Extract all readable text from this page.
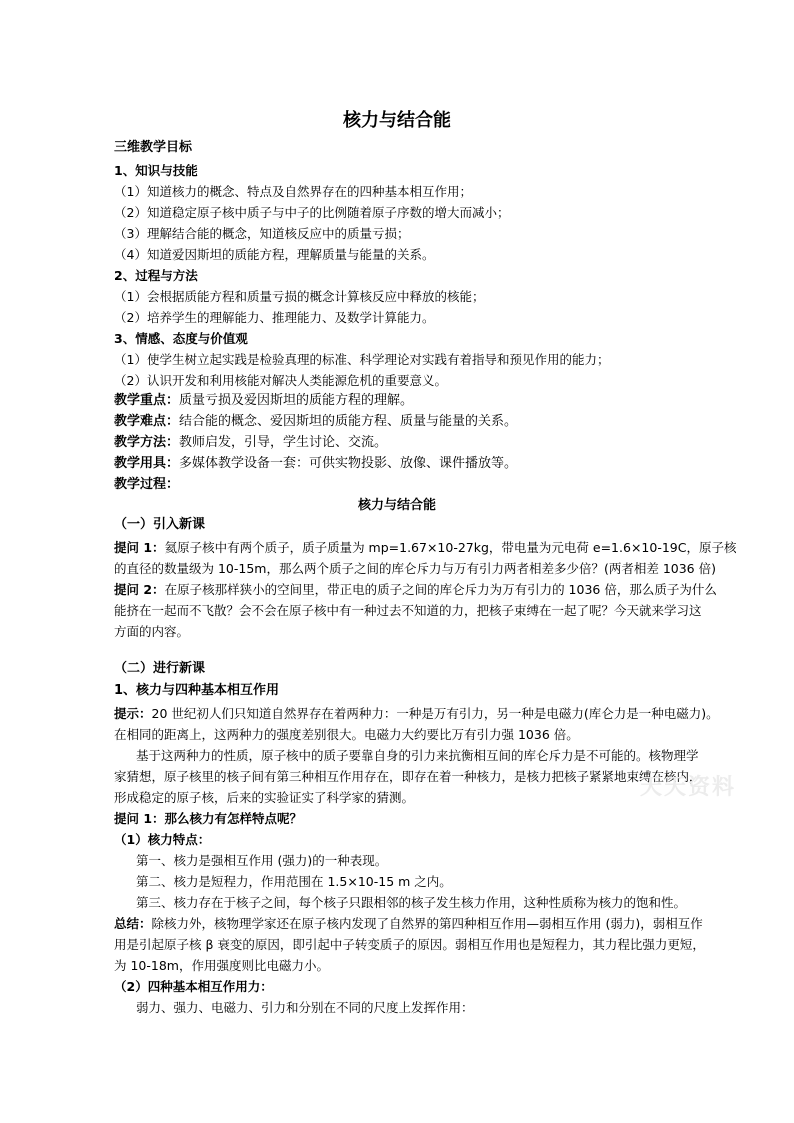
核力与结合能
三维教学目标
1、知识与技能
（1）知道核力的概念、特点及自然界存在的四种基本相互作用；
（2）知道稳定原子核中质子与中子的比例随着原子序数的增大而减小；
（3）理解结合能的概念，知道核反应中的质量亏损；
（4）知道爱因斯坦的质能方程，理解质量与能量的关系。
2、过程与方法
（1）会根据质能方程和质量亏损的概念计算核反应中释放的核能；
（2）培养学生的理解能力、推理能力、及数学计算能力。
3、情感、态度与价值观
（1）使学生树立起实践是检验真理的标准、科学理论对实践有着指导和预见作用的能力；
（2）认识开发和利用核能对解决人类能源危机的重要意义。
教学重点：质量亏损及爱因斯坦的质能方程的理解。
教学难点：结合能的概念、爱因斯坦的质能方程、质量与能量的关系。
教学方法：教师启发，引导，学生讨论、交流。
教学用具：多媒体教学设备一套：可供实物投影、放像、课件播放等。
教学过程：
核力与结合能
（一）引入新课
提问 1：氦原子核中有两个质子，质子质量为 mp=1.67×10-27kg，带电量为元电荷 e=1.6×10-19C，原子核
的直径的数量级为 10-15m，那么两个质子之间的库仑斥力与万有引力两者相差多少倍？(两者相差 1036 倍)
提问 2：在原子核那样狭小的空间里，带正电的质子之间的库仑斥力为万有引力的 1036 倍，那么质子为什么
能挤在一起而不飞散？会不会在原子核中有一种过去不知道的力，把核子束缚在一起了呢？今天就来学习这
方面的内容。
（二）进行新课
1、核力与四种基本相互作用
提示：20 世纪初人们只知道自然界存在着两种力：一种是万有引力，另一种是电磁力(库仑力是一种电磁力)。
在相同的距离上，这两种力的强度差别很大。电磁力大约要比万有引力强 1036 倍。
基于这两种力的性质，原子核中的质子要靠自身的引力来抗衡相互间的库仑斥力是不可能的。核物理学
家猜想，原子核里的核子间有第三种相互作用存在，即存在着一种核力，是核力把核子紧紧地束缚在核内，
形成稳定的原子核，后来的实验证实了科学家的猜测。
提问 1：那么核力有怎样特点呢？
（1）核力特点：
第一、核力是强相互作用 (强力)的一种表现。
第二、核力是短程力，作用范围在 1.5×10-15 m 之内。
第三、核力存在于核子之间，每个核子只跟相邻的核子发生核力作用，这种性质称为核力的饱和性。
总结：除核力外，核物理学家还在原子核内发现了自然界的第四种相互作用—弱相互作用 (弱力)，弱相互作
用是引起原子核 β 衰变的原因，即引起中子转变质子的原因。弱相互作用也是短程力，其力程比强力更短，
为 10-18m，作用强度则比电磁力小。
（2）四种基本相互作用力：
弱力、强力、电磁力、引力和分别在不同的尺度上发挥作用：
天天资料
